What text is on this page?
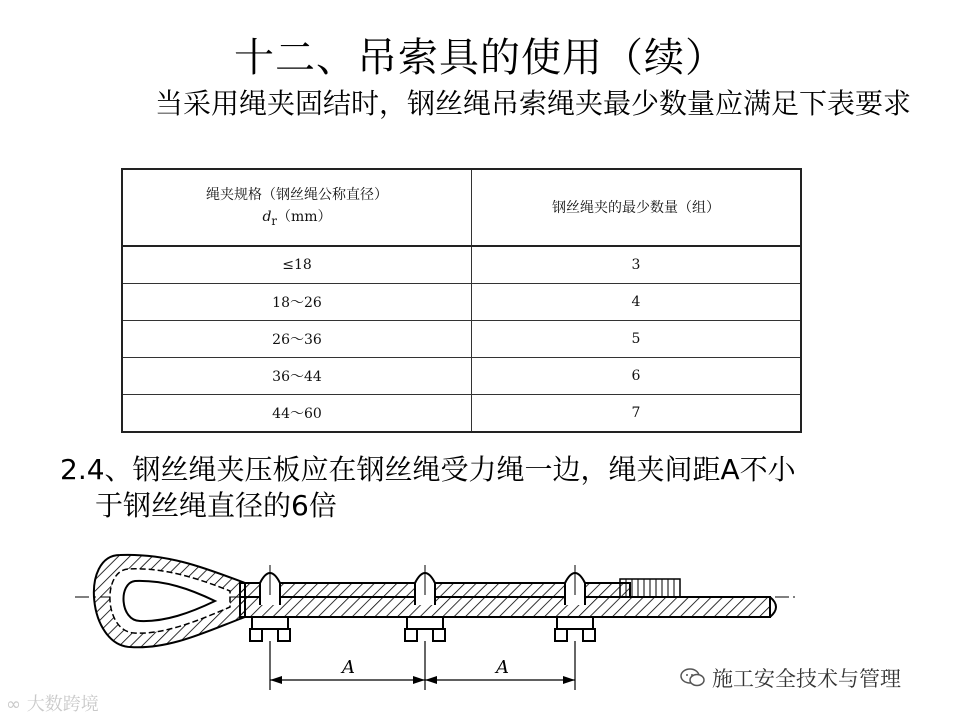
十二、吊索具的使用（续）
当采用绳夹固结时，钢丝绳吊索绳夹最少数量应满足下表要求
绳夹规格（钢丝绳公称直径）
$d_r(mm)$	钢丝绳夹的最少数量（组）
≤18	3
18～26	4
26～36	5
36～44	6
44～60	7
2.4、钢丝绳夹压板应在钢丝绳受力绳一边，绳夹间距A不小
于钢丝绳直径的6倍
A	A
∞ 大数跨境
施工安全技术与管理
